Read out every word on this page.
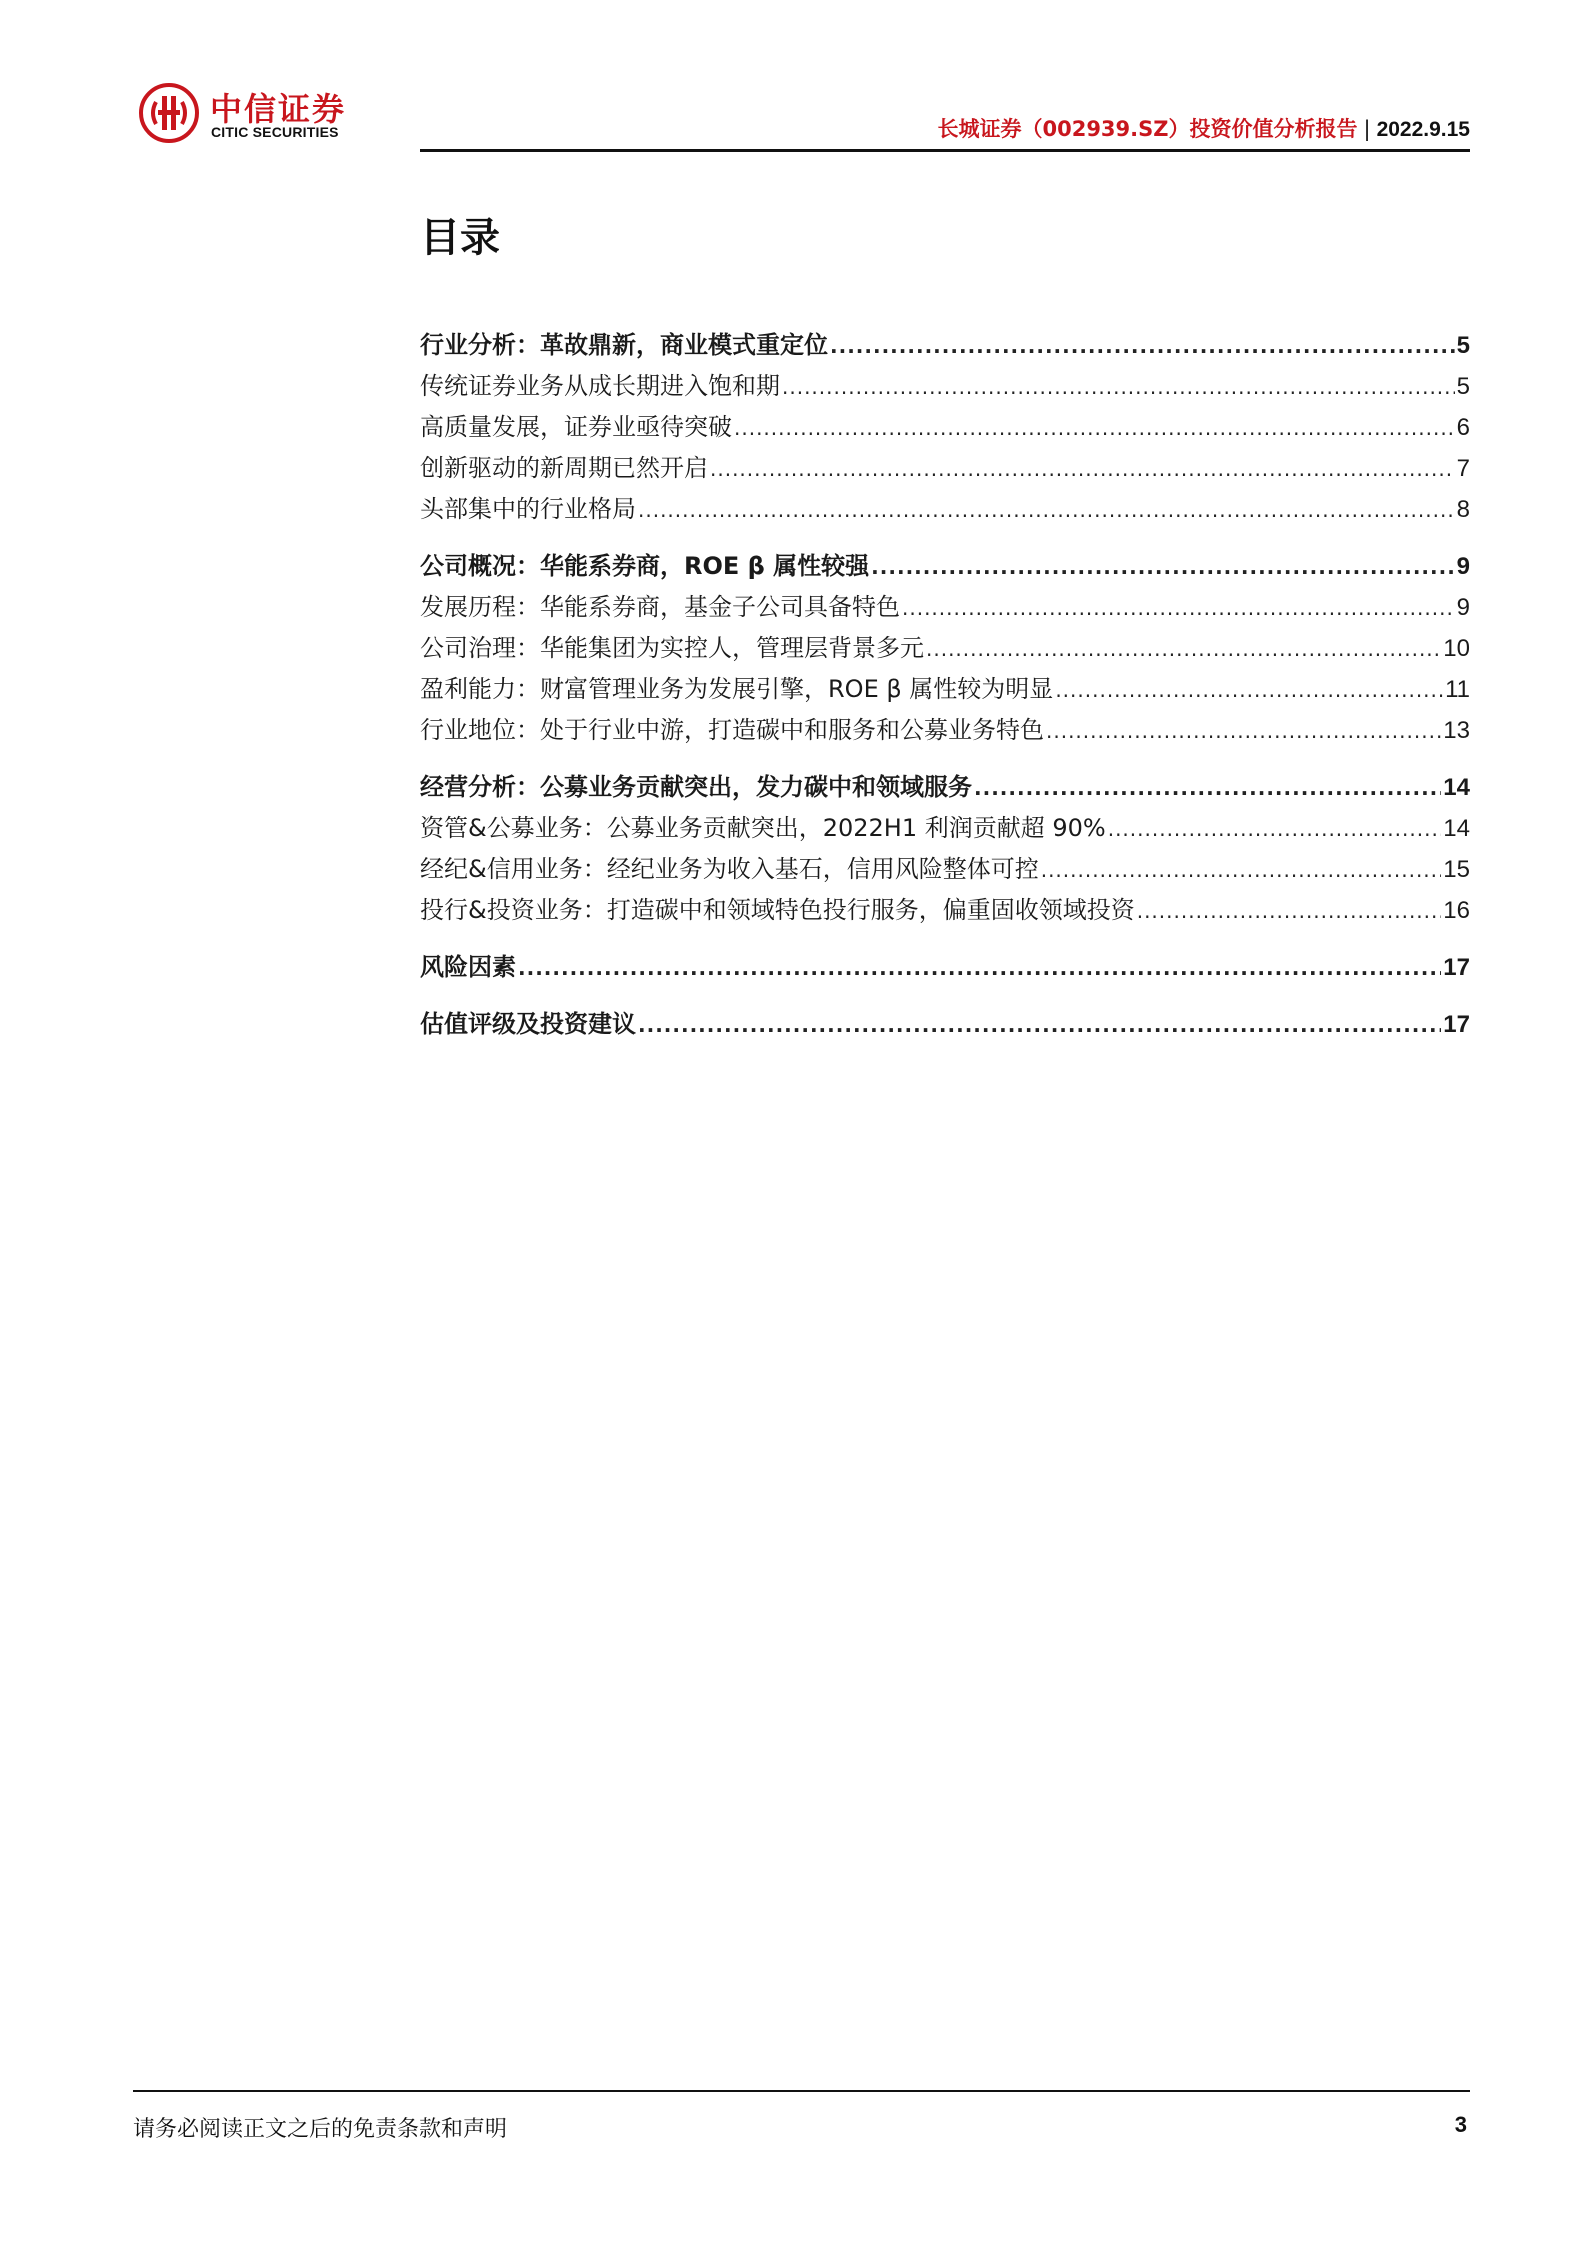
中信证券
CITIC SECURITIES	长城证券（002939.SZ）投资价值分析报告 | 2022.9.15
目录
行业分析：革故鼎新，商业模式重定位 .....	5
传统证券业务从成长期进入饱和期 .....	5
高质量发展，证券业亟待突破 .....	6
创新驱动的新周期已然开启 .....	7
头部集中的行业格局 .....	8
公司概况：华能系券商，ROE β 属性较强 .....	9
发展历程：华能系券商，基金子公司具备特色 .....	9
公司治理：华能集团为实控人，管理层背景多元 .....	10
盈利能力：财富管理业务为发展引擎，ROE β 属性较为明显 .....	11
行业地位：处于行业中游，打造碳中和服务和公募业务特色 .....	13
经营分析：公募业务贡献突出，发力碳中和领域服务 .....	14
资管&公募业务：公募业务贡献突出，2022H1 利润贡献超 90% .....	14
经纪&信用业务：经纪业务为收入基石，信用风险整体可控 .....	15
投行&投资业务：打造碳中和领域特色投行服务，偏重固收领域投资 .....	16
风险因素 .....	17
估值评级及投资建议 .....	17
请务必阅读正文之后的免责条款和声明	3
